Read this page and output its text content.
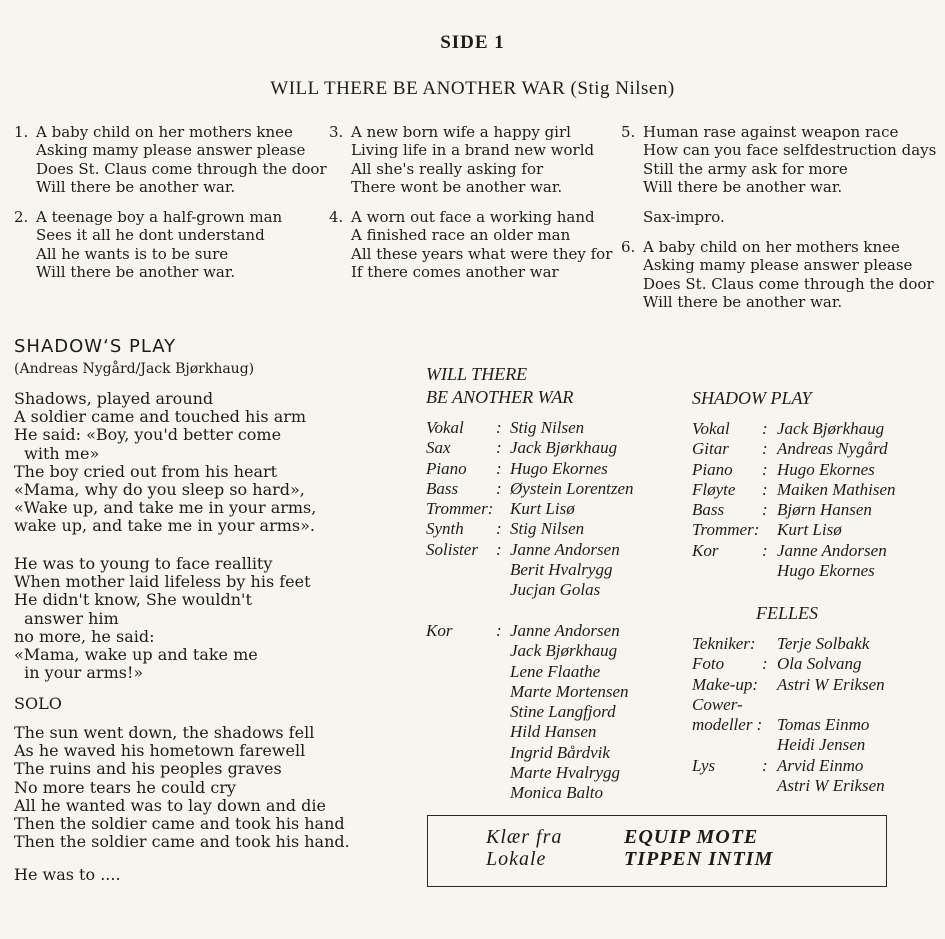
SIDE 1
WILL THERE BE ANOTHER WAR (Stig Nilsen)
1. A baby child on her mothers knee
Asking mamy please answer please
Does St. Claus come through the door
Will there be another war.
2. A teenage boy a half-grown man
Sees it all he dont understand
All he wants is to be sure
Will there be another war.
3. A new born wife a happy girl
Living life in a brand new world
All she's really asking for
There wont be another war.
4. A worn out face a working hand
A finished race an older man
All these years what were they for
If there comes another war
5. Human rase against weapon race
How can you face selfdestruction days
Still the army ask for more
Will there be another war.
Sax-impro.
6. A baby child on her mothers knee
Asking mamy please answer please
Does St. Claus come through the door
Will there be another war.
SHADOW‘S PLAY
(Andreas Nygård/Jack Bjørkhaug)
Shadows, played around
A soldier came and touched his arm
He said: «Boy, you'd better come
with me»
The boy cried out from his heart
«Mama, why do you sleep so hard»,
«Wake up, and take me in your arms,
wake up, and take me in your arms».
He was to young to face reallity
When mother laid lifeless by his feet
He didn't know, She wouldn't
answer him
no more, he said:
«Mama, wake up and take me
in your arms!»
SOLO
The sun went down, the shadows fell
As he waved his hometown farewell
The ruins and his peoples graves
No more tears he could cry
All he wanted was to lay down and die
Then the soldier came and took his hand
Then the soldier came and took his hand.
He was to ....
WILL THERE
BE ANOTHER WAR
Vokal : Stig Nilsen
Sax	: Jack Bjørkhaug
Piano : Hugo Ekornes
Bass : Øystein Lorentzen
Trommer: Kurt Lisø
Synth : Stig Nilsen
Solister : Janne Andorsen
Berit Hvalrygg
Jucjan Golas
Kor	: Janne Andorsen
Jack Bjørkhaug
Lene Flaathe
Marte Mortensen
Stine Langfjord
Hild Hansen
Ingrid Bårdvik
Marte Hvalrygg
Monica Balto
SHADOW PLAY
Vokal : Jack Bjørkhaug
Gitar : Andreas Nygård
Piano : Hugo Ekornes
Fløyte : Maiken Mathisen
Bass : Bjørn Hansen
Trommer: Kurt Lisø
Kor	: Janne Andorsen
Hugo Ekornes
FELLES
Tekniker: Terje Solbakk
Foto : Ola Solvang
Make-up: Astri W Eriksen
Cower-
modeller : Tomas Einmo
Heidi Jensen
Lys	: Arvid Einmo
Astri W Eriksen
Klær fra	EQUIP MOTE
Lokale	TIPPEN INTIM
